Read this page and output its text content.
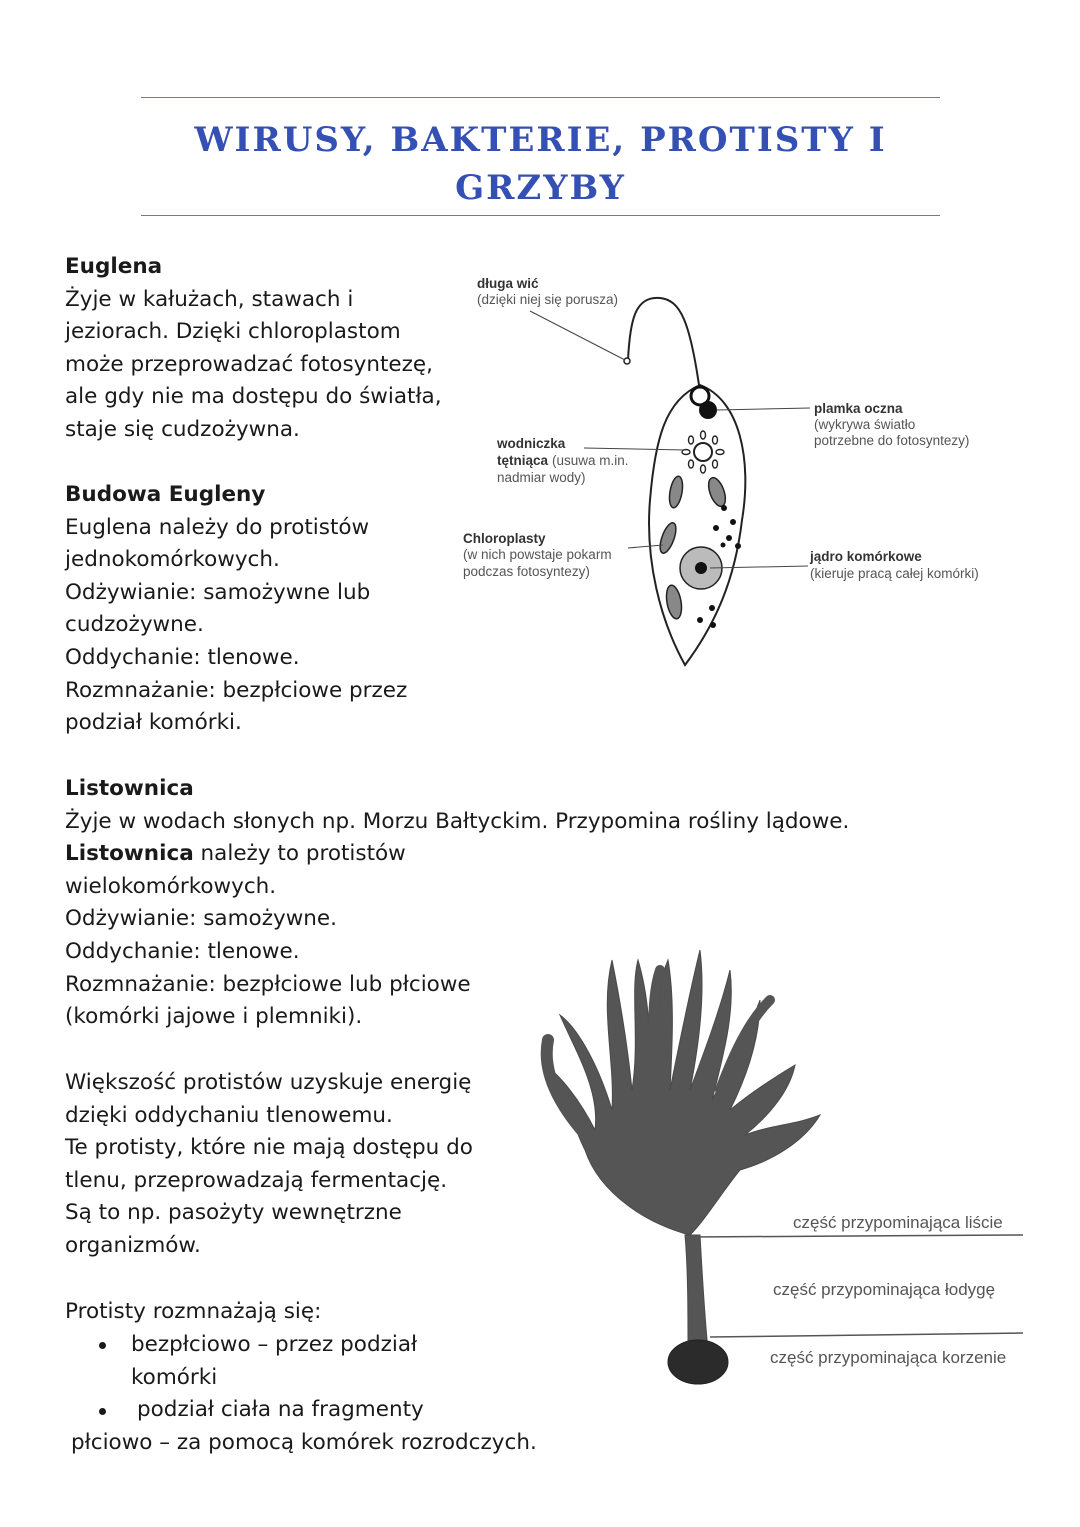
WIRUSY, BAKTERIE, PROTISTY I
GRZYBY

Euglena

Żyje w kałużach, stawach i

jeziorach. Dzięki chloroplastom

może przeprowadzać fotosyntezę,

ale gdy nie ma dostępu do światła,

staje się cudzożywna.

Budowa Eugleny

Euglena należy do protistów

jednokomórkowych.

Odżywianie: samożywne lub

cudzożywne.

Oddychanie: tlenowe.

Rozmnażanie: bezpłciowe przez

podział komórki.

długa wić
(dzięki niej się porusza)
wodniczka
tętniąca (usuwa m.in.
nadmiar wody)
Chloroplasty
(w nich powstaje pokarm
podczas fotosyntezy)
plamka oczna
(wykrywa światło
potrzebne do fotosyntezy)
jądro komórkowe
(kieruje pracą całej komórki)

Listownica

Żyje w wodach słonych np. Morzu Bałtyckim. Przypomina rośliny lądowe.

Listownica należy to protistów

wielokomórkowych.

Odżywianie: samożywne.

Oddychanie: tlenowe.

Rozmnażanie: bezpłciowe lub płciowe

(komórki jajowe i plemniki).

Większość protistów uzyskuje energię

dzięki oddychaniu tlenowemu.

Te protisty, które nie mają dostępu do

tlenu, przeprowadzają fermentację.

Są to np. pasożyty wewnętrzne

organizmów.

Protisty rozmnażają się:
bezpłciowo – przez podział
komórki
podział ciała na fragmenty
płciowo – za pomocą komórek rozrodczych.
część przypominająca liście
część przypominająca łodygę
część przypominająca korzenie
